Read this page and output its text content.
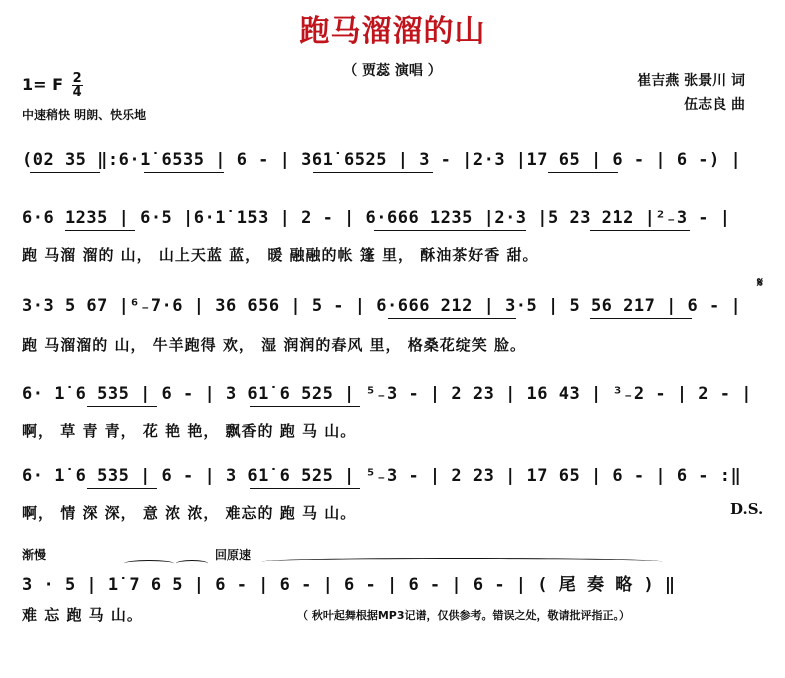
跑马溜溜的山
（ 贾蕊 演唱 ）
1= F $\frac{2}{4}$
中速稍快 明朗、快乐地
崔吉燕 张景川 词
伍志良 曲
(02 35 ‖:6·1̇ 6535 | 6 - | 361̇ 6525 | 3 - |2·3 |17 65 | 6 - | 6 -) |
6·6 1235 | 6·5 |6·1̇ 153 | 2 - | 6·666 1235 |2·3 |5 23 2̇12 |²₋3 - |
跑 马溜 溜的 山， 山上天蓝 蓝， 暖 融融的帐 篷 里， 酥油茶好香 甜。
3·3 5 67 |⁶₋7·6 | 36 656 | 5 - | 6·666 212 | 3·5 | 5 56 217 | 6 - |
跑 马溜溜的 山， 牛羊跑得 欢， 湿 润润的春风 里， 格桑花绽笑 脸。
𝄋
6· 1̇ 6 535 | 6 - | 3 61̇ 6 525 | ⁵₋3 - | 2 23 | 16 43 | ³₋2 - | 2 - |
啊， 草 青 青， 花 艳 艳， 飘香的 跑 马 山。
6· 1̇ 6 535 | 6 - | 3 61̇ 6 525 | ⁵₋3 - | 2 23 | 17 65 | 6 - | 6 - :‖
啊， 情 深 深， 意 浓 浓， 难忘的 跑 马 山。	D.S.
渐慢	回原速
3 · 5 | 1̇ 7 6 5 | 6 - | 6 - | 6 - | 6 - | 6 - | ( 尾 奏 略 ) ‖
难 忘 跑 马 山。	（ 秋叶起舞根据MP3记谱，仅供参考。错误之处，敬请批评指正。）
